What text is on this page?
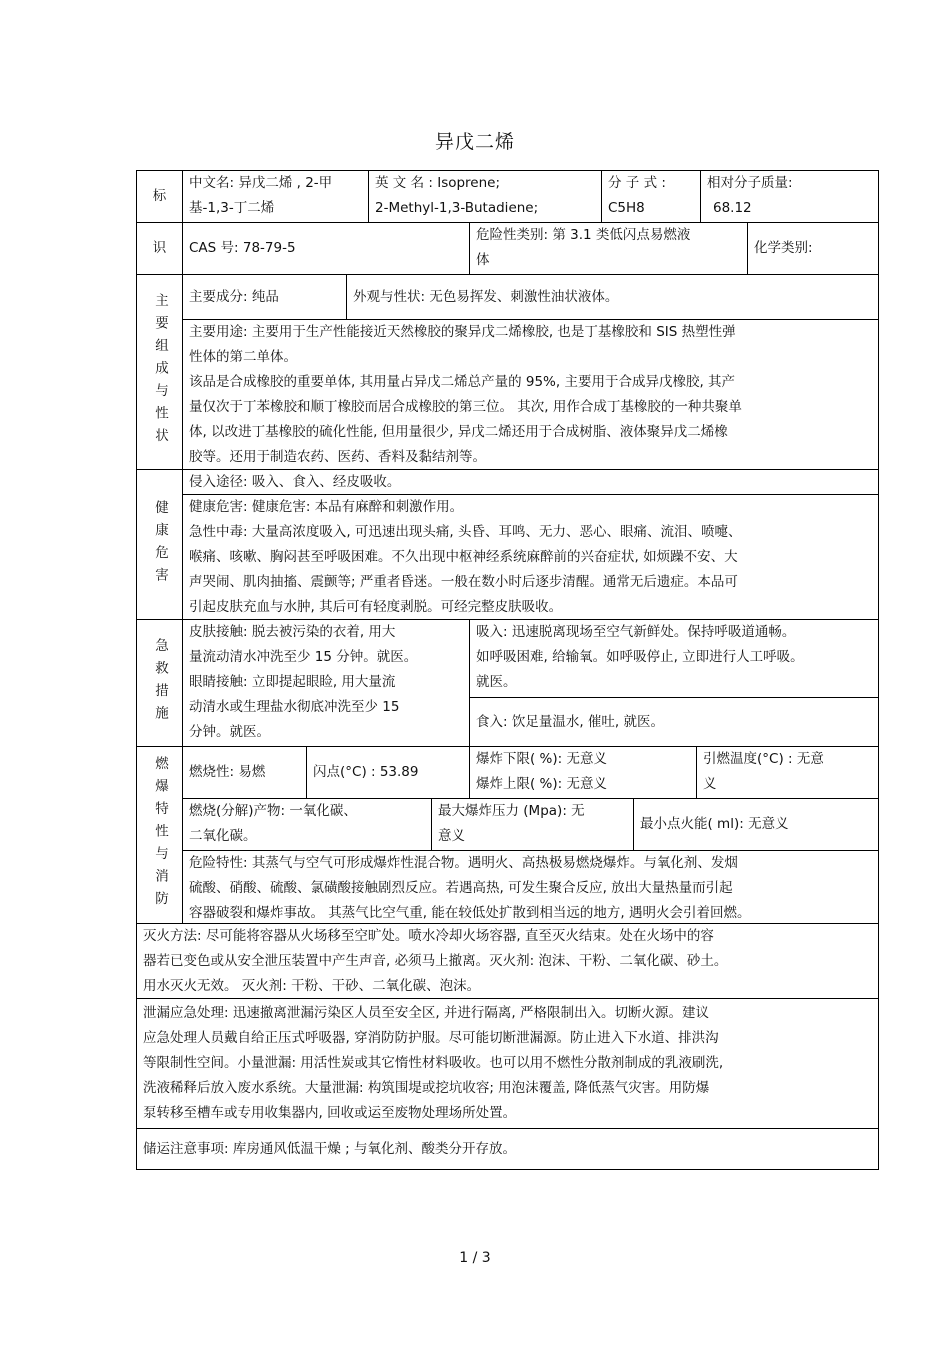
异戊二烯
标
识
中文名: 异戊二烯 , 2-甲
基-1,3-丁二烯
英 文 名 : Isoprene;
2-Methyl-1,3-Butadiene;
分 子 式 :
C5H8
相对分子质量:
68.12
CAS 号: 78-79-5
危险性类别: 第 3.1 类低闪点易燃液
体
化学类别:
主要组成与性状 主要成分: 纯品	外观与性状: 无色易挥发、刺激性油状液体。
主要用途: 主要用于生产性能接近天然橡胶的聚异戊二烯橡胶, 也是丁基橡胶和 SIS 热塑性弹
性体的第二单体。
该品是合成橡胶的重要单体, 其用量占异戊二烯总产量的 95%, 主要用于合成异戊橡胶, 其产
量仅次于丁苯橡胶和顺丁橡胶而居合成橡胶的第三位。 其次, 用作合成丁基橡胶的一种共聚单
体, 以改进丁基橡胶的硫化性能, 但用量很少, 异戊二烯还用于合成树脂、液体聚异戊二烯橡
胶等。还用于制造农药、医药、香料及黏结剂等。
健康危害
侵入途径: 吸入、食入、经皮吸收。
健康危害: 健康危害: 本品有麻醉和刺激作用。
急性中毒: 大量高浓度吸入, 可迅速出现头痛, 头昏、耳鸣、无力、恶心、眼痛、流泪、喷嚏、
喉痛、咳嗽、胸闷甚至呼吸困难。不久出现中枢神经系统麻醉前的兴奋症状, 如烦躁不安、大
声哭闹、肌肉抽搐、震颤等; 严重者昏迷。一般在数小时后逐步清醒。通常无后遗症。本品可
引起皮肤充血与水肿, 其后可有轻度剥脱。可经完整皮肤吸收。
急救措施
皮肤接触: 脱去被污染的衣着, 用大
量流动清水冲洗至少 15 分钟。就医。
眼睛接触: 立即提起眼睑, 用大量流
动清水或生理盐水彻底冲洗至少 15
分钟。就医。
吸入: 迅速脱离现场至空气新鲜处。保持呼吸道通畅。
如呼吸困难, 给输氧。如呼吸停止, 立即进行人工呼吸。
就医。
食入: 饮足量温水, 催吐, 就医。
燃爆特性与消防 燃烧性: 易燃	闪点(°C) : 53.89
爆炸下限( %): 无意义
爆炸上限( %): 无意义
引燃温度(°C) : 无意
义
燃烧(分解)产物: 一氧化碳、
二氧化碳。
最大爆炸压力 (Mpa): 无
意义
最小点火能( ml): 无意义
危险特性: 其蒸气与空气可形成爆炸性混合物。遇明火、高热极易燃烧爆炸。与氧化剂、发烟
硫酸、硝酸、硫酸、氯磺酸接触剧烈反应。若遇高热, 可发生聚合反应, 放出大量热量而引起
容器破裂和爆炸事故。 其蒸气比空气重, 能在较低处扩散到相当远的地方, 遇明火会引着回燃。
灭火方法: 尽可能将容器从火场移至空旷处。喷水冷却火场容器, 直至灭火结束。处在火场中的容
器若已变色或从安全泄压装置中产生声音, 必须马上撤离。灭火剂: 泡沫、干粉、二氧化碳、砂土。
用水灭火无效。 灭火剂: 干粉、干砂、二氧化碳、泡沫。
泄漏应急处理: 迅速撤离泄漏污染区人员至安全区, 并进行隔离, 严格限制出入。切断火源。建议
应急处理人员戴自给正压式呼吸器, 穿消防防护服。尽可能切断泄漏源。防止进入下水道、排洪沟
等限制性空间。小量泄漏: 用活性炭或其它惰性材料吸收。也可以用不燃性分散剂制成的乳液刷洗,
洗液稀释后放入废水系统。大量泄漏: 构筑围堤或挖坑收容; 用泡沫覆盖, 降低蒸气灾害。用防爆
泵转移至槽车或专用收集器内, 回收或运至废物处理场所处置。
储运注意事项: 库房通风低温干燥 ; 与氧化剂、酸类分开存放。
1 / 3
